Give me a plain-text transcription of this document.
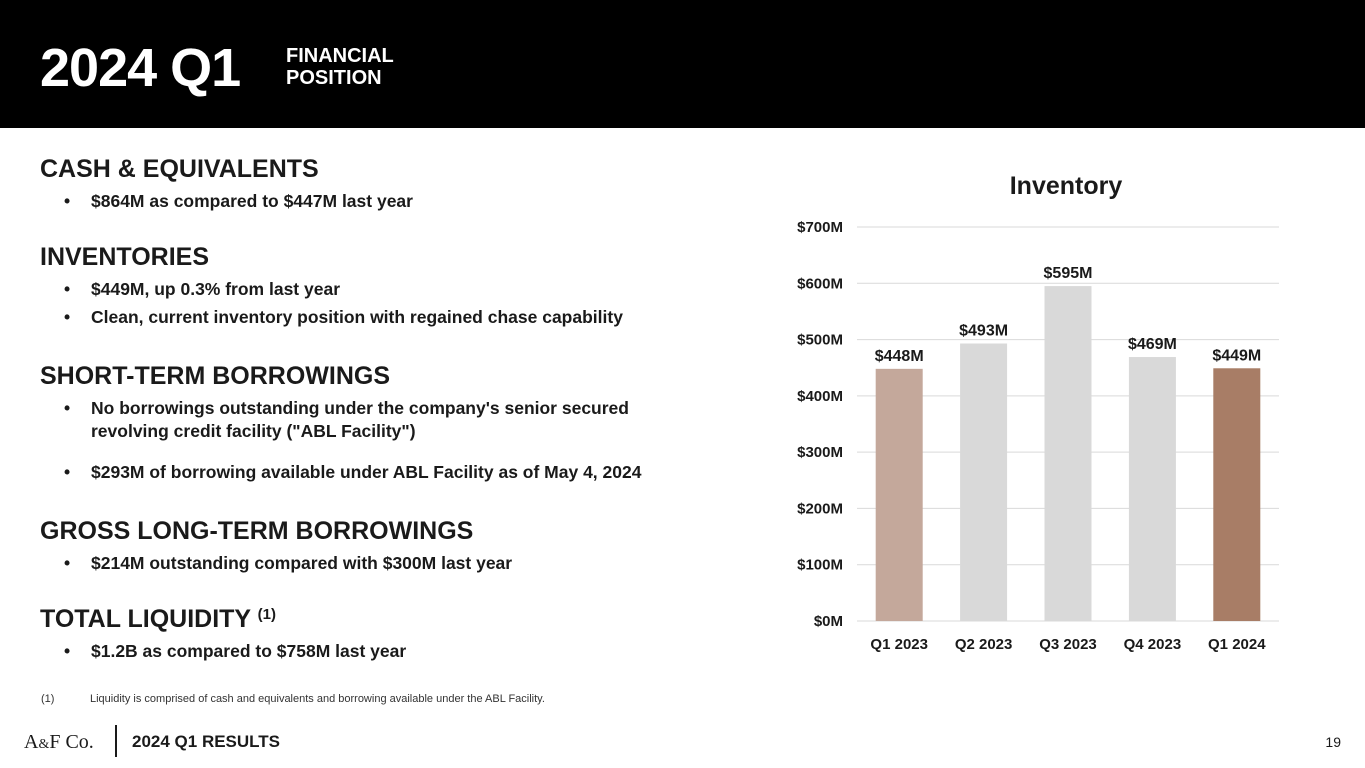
2024 Q1 FINANCIAL
POSITION
CASH & EQUIVALENTS
• $864M as compared to $447M last year
INVENTORIES
• $449M, up 0.3% from last year
• Clean, current inventory position with regained chase capability
SHORT-TERM BORROWINGS
• No borrowings outstanding under the company's senior secured revolving credit facility ("ABL Facility")
• $293M of borrowing available under ABL Facility as of May 4, 2024
GROSS LONG-TERM BORROWINGS
• $214M outstanding compared with $300M last year
TOTAL LIQUIDITY $^{(1)}$
• $1.2B as compared to $758M last year
(1)	Liquidity is comprised of cash and equivalents and borrowing available under the ABL Facility.
Inventory
$0M
$100M
$200M
$300M
$400M
$500M
$600M
$700M
$448M
Q1 2023
$493M
Q2 2023
$595M
Q3 2023
$469M
Q4 2023
$449M
Q1 2024
A&F Co. 2024 Q1 RESULTS	19
